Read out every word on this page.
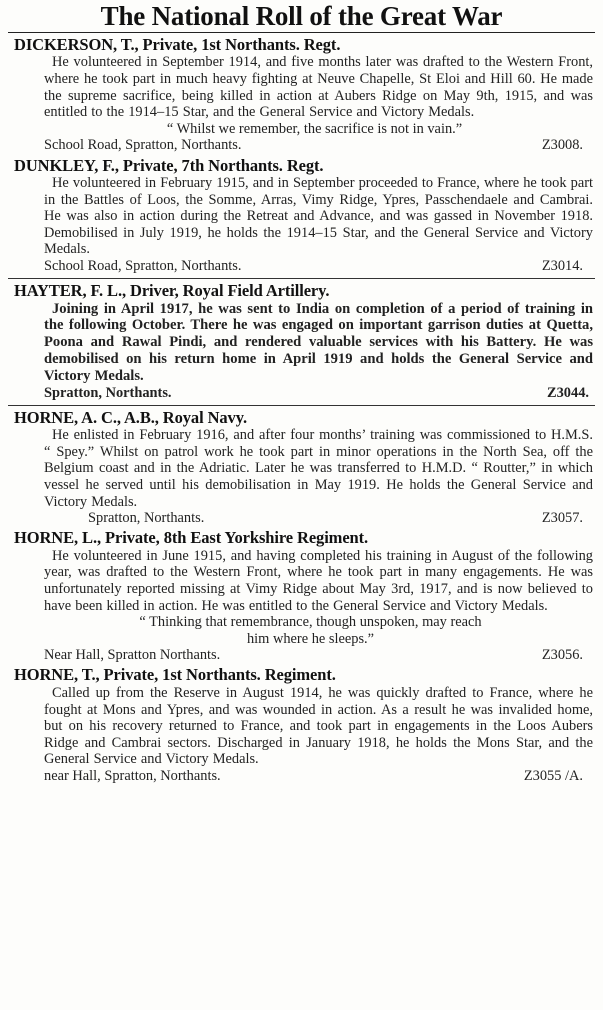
The National Roll of the Great War
DICKERSON, T., Private, 1st Northants. Regt.
He volunteered in September 1914, and five months later was drafted to the Western Front, where he took part in much heavy fighting at Neuve Chapelle, St Eloi and Hill 60. He made the supreme sacrifice, being killed in action at Aubers Ridge on May 9th, 1915, and was entitled to the 1914–15 Star, and the General Service and Victory Medals.
“ Whilst we remember, the sacrifice is not in vain.”
School Road, Spratton, Northants.	Z3008.
DUNKLEY, F., Private, 7th Northants. Regt.
He volunteered in February 1915, and in September proceeded to France, where he took part in the Battles of Loos, the Somme, Arras, Vimy Ridge, Ypres, Passchendaele and Cambrai. He was also in action during the Retreat and Advance, and was gassed in November 1918. Demobilised in July 1919, he holds the 1914–15 Star, and the General Service and Victory Medals.
School Road, Spratton, Northants.	Z3014.
HAYTER, F. L., Driver, Royal Field Artillery.
Joining in April 1917, he was sent to India on completion of a period of training in the following October. There he was engaged on important garrison duties at Quetta, Poona and Rawal Pindi, and rendered valuable services with his Battery. He was demobilised on his return home in April 1919 and holds the General Service and Victory Medals.
Spratton, Northants.	Z3044.
HORNE, A. C., A.B., Royal Navy.
He enlisted in February 1916, and after four months’ training was commissioned to H.M.S. “ Spey.” Whilst on patrol work he took part in minor operations in the North Sea, off the Belgium coast and in the Adriatic. Later he was transferred to H.M.D. “ Routter,” in which vessel he served until his demobilisation in May 1919. He holds the General Service and Victory Medals.
Spratton, Northants.	Z3057.
HORNE, L., Private, 8th East Yorkshire Regiment.
He volunteered in June 1915, and having completed his training in August of the following year, was drafted to the Western Front, where he took part in many engagements. He was unfortunately reported missing at Vimy Ridge about May 3rd, 1917, and is now believed to have been killed in action. He was entitled to the General Service and Victory Medals.
“ Thinking that remembrance, though unspoken, may reach
him where he sleeps.”
Near Hall, Spratton Northants.	Z3056.
HORNE, T., Private, 1st Northants. Regiment.
Called up from the Reserve in August 1914, he was quickly drafted to France, where he fought at Mons and Ypres, and was wounded in action. As a result he was invalided home, but on his recovery returned to France, and took part in engagements in the Loos Aubers Ridge and Cambrai sectors. Discharged in January 1918, he holds the Mons Star, and the General Service and Victory Medals.
near Hall, Spratton, Northants.	Z3055 /A.
